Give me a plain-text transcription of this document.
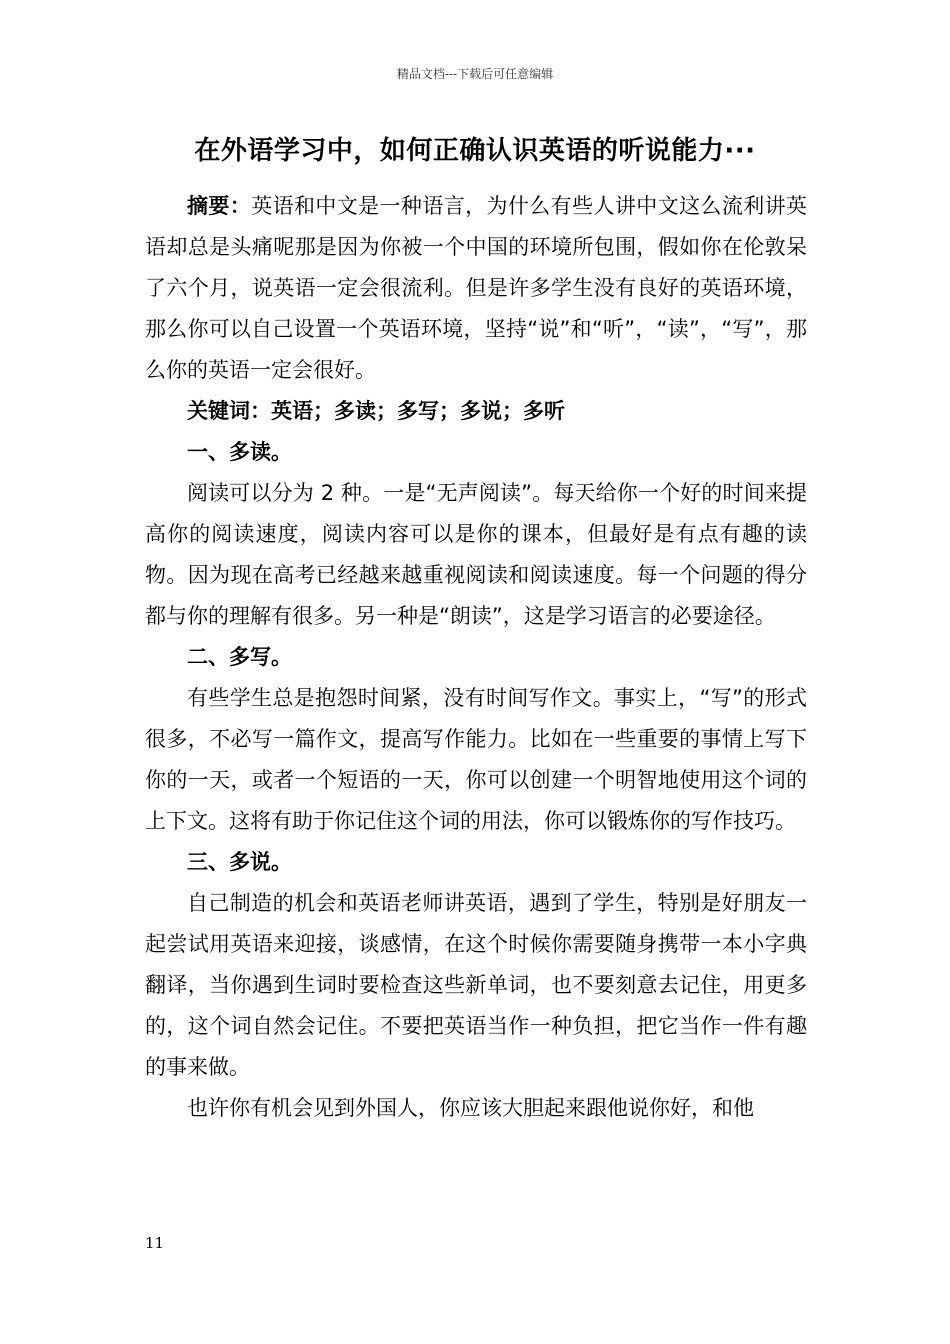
精品文档---下载后可任意编辑
在外语学习中，如何正确认识英语的听说能力···

摘要：英语和中文是一种语言，为什么有些人讲中文这么流利讲英语却总是头痛呢那是因为你被一个中国的环境所包围，假如你在伦敦呆了六个月，说英语一定会很流利。但是许多学生没有良好的英语环境，那么你可以自己设置一个英语环境，坚持“说”和“听”，“读”，“写”，那么你的英语一定会很好。

关键词：英语；多读；多写；多说；多听

一、多读。

阅读可以分为 2 种。一是“无声阅读”。每天给你一个好的时间来提高你的阅读速度，阅读内容可以是你的课本，但最好是有点有趣的读物。因为现在高考已经越来越重视阅读和阅读速度。每一个问题的得分都与你的理解有很多。另一种是“朗读”，这是学习语言的必要途径。

二、多写。

有些学生总是抱怨时间紧，没有时间写作文。事实上，“写”的形式很多，不必写一篇作文，提高写作能力。比如在一些重要的事情上写下你的一天，或者一个短语的一天，你可以创建一个明智地使用这个词的上下文。这将有助于你记住这个词的用法，你可以锻炼你的写作技巧。

三、多说。

自己制造的机会和英语老师讲英语，遇到了学生，特别是好朋友一起尝试用英语来迎接，谈感情，在这个时候你需要随身携带一本小字典翻译，当你遇到生词时要检查这些新单词，也不要刻意去记住，用更多的，这个词自然会记住。不要把英语当作一种负担，把它当作一件有趣的事来做。

也许你有机会见到外国人，你应该大胆起来跟他说你好，和他

11
